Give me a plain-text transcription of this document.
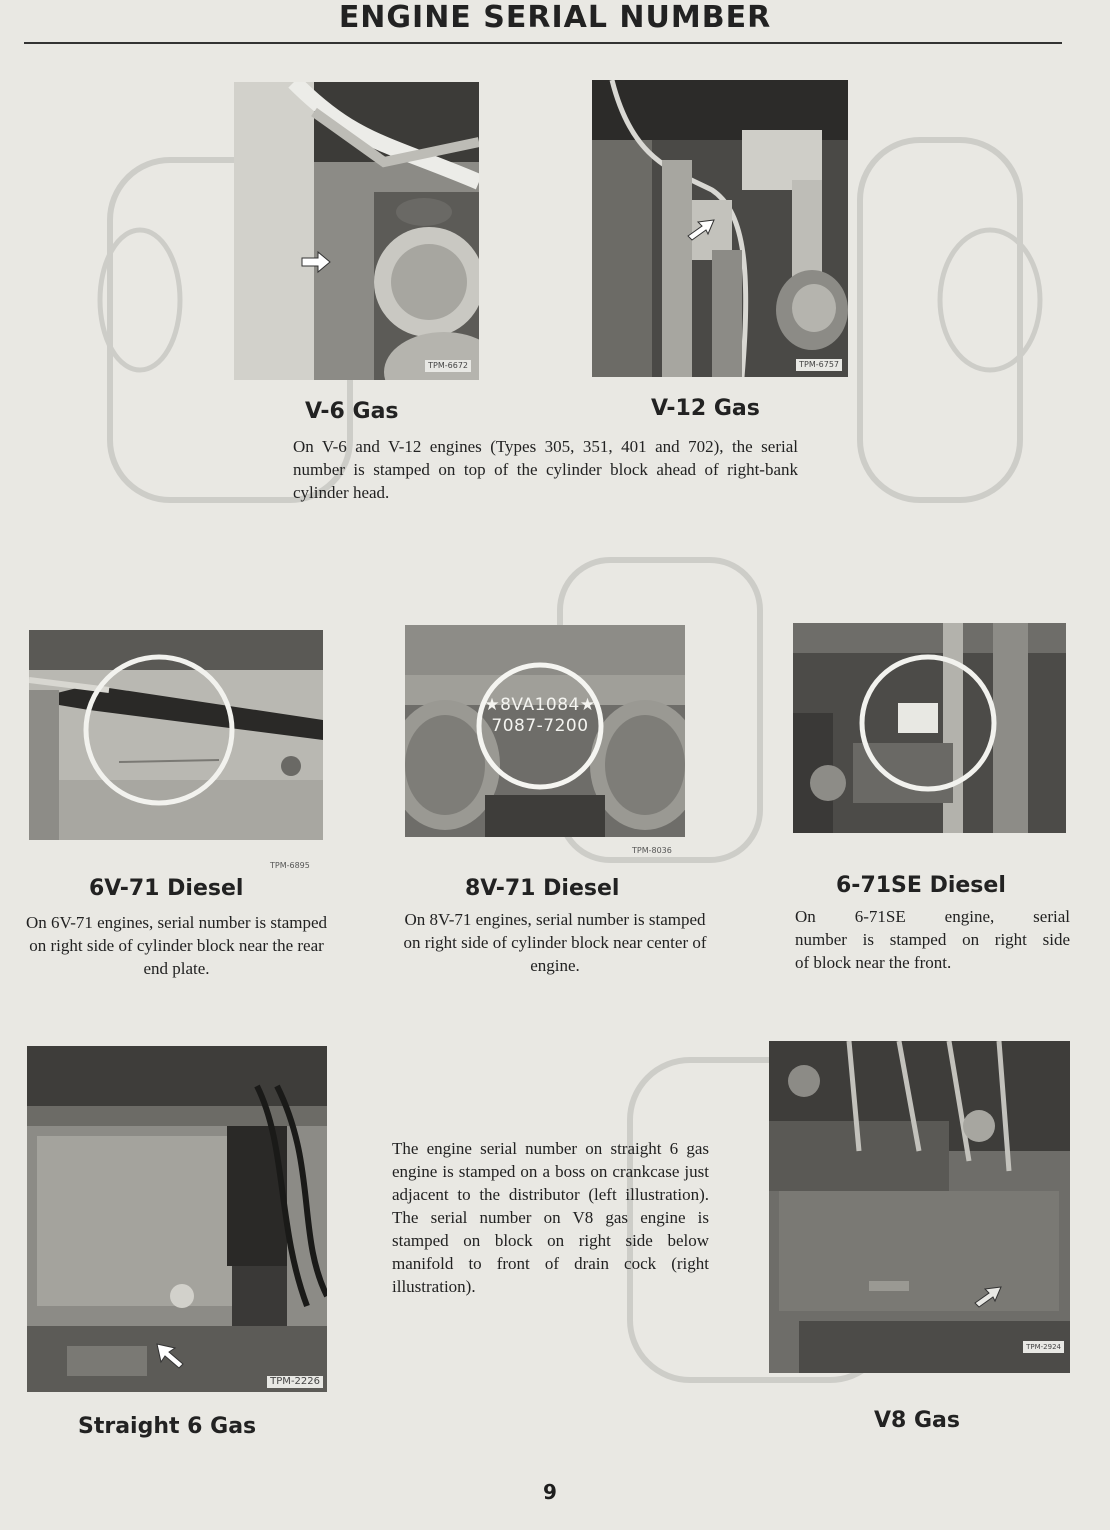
ENGINE SERIAL NUMBER
TPM-6672	TPM-6757
V-6 Gas	V-12 Gas
On V-6 and V-12 engines (Types 305, 351, 401 and 702), the serial number is stamped on top of the cylinder block ahead of right-bank cylinder head.
TPM-6895
★8VA1084★
7087-7200
TPM-8036
6V-71 Diesel	8V-71 Diesel	6-71SE Diesel
On 6V-71 engines, serial number is stamped on right side of cylinder block near the rear end plate.
On 8V-71 engines, serial number is stamped on right side of cylinder block near center of engine.
On 6-71SE engine, serial
number is stamped on right side
of block near the front.
TPM-2226
The engine serial number on straight 6 gas engine is stamped on a boss on crankcase just adjacent to the distributor (left illustration). The serial number on V8 gas engine is stamped on block on right side below manifold to front of drain cock (right illustration).
TPM-2924
Straight 6 Gas	V8 Gas
9
